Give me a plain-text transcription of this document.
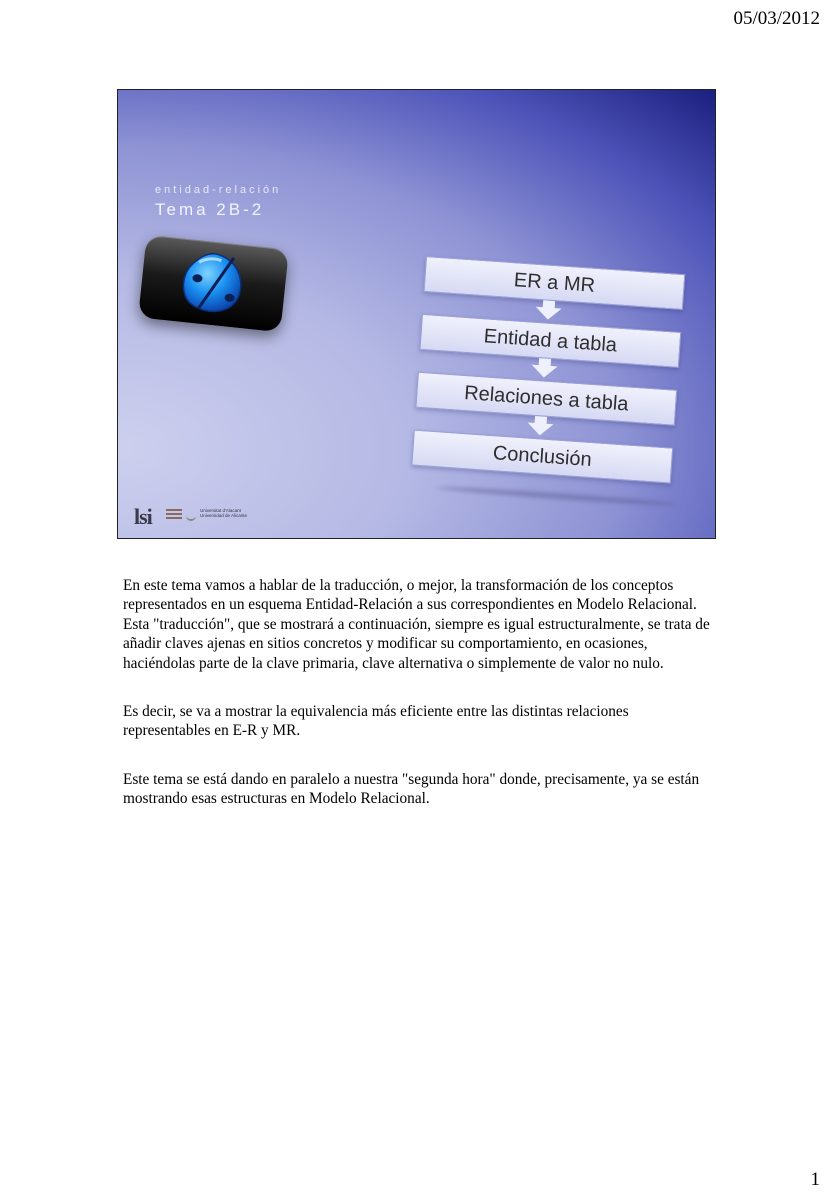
05/03/2012
entidad-relación
Tema 2B-2
ER a MR
Entidad a tabla
Relaciones a tabla
Conclusión
lsi	Universitat d'Alacant
Universidad de Alicante

En este tema vamos a hablar de la traducción, o mejor, la transformación de los conceptos representados en un esquema Entidad-Relación a sus correspondientes en Modelo Relacional. Esta "traducción", que se mostrará a continuación, siempre es igual estructuralmente, se trata de añadir claves ajenas en sitios concretos y modificar su comportamiento, en ocasiones, haciéndolas parte de la clave primaria, clave alternativa o simplemente de valor no nulo.

Es decir, se va a mostrar la equivalencia más eficiente entre las distintas relaciones representables en E-R y MR.

Este tema se está dando en paralelo a nuestra "segunda hora" donde, precisamente, ya se están mostrando esas estructuras en Modelo Relacional.

1
